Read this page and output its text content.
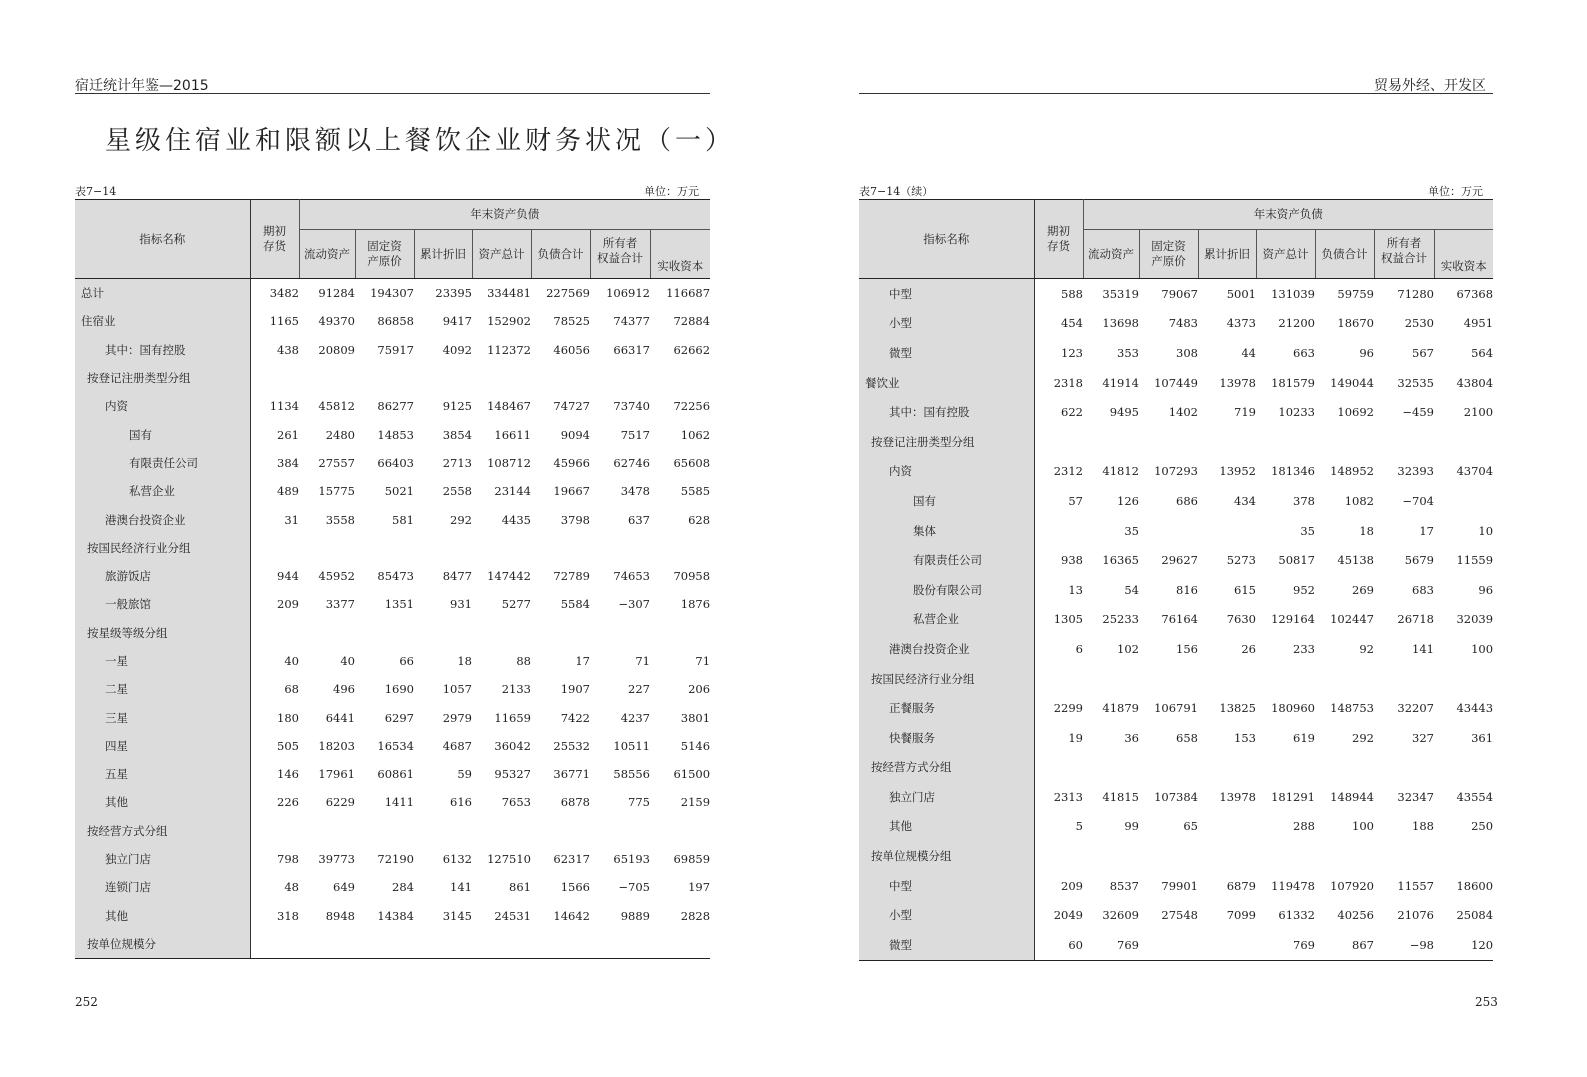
宿迁统计年鉴—2015
星级住宿业和限额以上餐饮企业财务状况（一）
表7−14	单位：万元
指标名称	期初
存货	年末资产负债						
		流动资产	固定资
产原价	累计折旧	资产总计	负债合计	所有者
权益合计	实收资本
总计	3482	91284	194307	23395	334481	227569	106912	116687
住宿业	1165	49370	86858	9417	152902	78525	74377	72884
其中：国有控股	438	20809	75917	4092	112372	46056	66317	62662
按登记注册类型分组								
内资	1134	45812	86277	9125	148467	74727	73740	72256
国有	261	2480	14853	3854	16611	9094	7517	1062
有限责任公司	384	27557	66403	2713	108712	45966	62746	65608
私营企业	489	15775	5021	2558	23144	19667	3478	5585
港澳台投资企业	31	3558	581	292	4435	3798	637	628
按国民经济行业分组								
旅游饭店	944	45952	85473	8477	147442	72789	74653	70958
一般旅馆	209	3377	1351	931	5277	5584	−307	1876
按星级等级分组								
一星	40	40	66	18	88	17	71	71
二星	68	496	1690	1057	2133	1907	227	206
三星	180	6441	6297	2979	11659	7422	4237	3801
四星	505	18203	16534	4687	36042	25532	10511	5146
五星	146	17961	60861	59	95327	36771	58556	61500
其他	226	6229	1411	616	7653	6878	775	2159
按经营方式分组								
独立门店	798	39773	72190	6132	127510	62317	65193	69859
连锁门店	48	649	284	141	861	1566	−705	197
其他	318	8948	14384	3145	24531	14642	9889	2828
按单位规模分								
252
贸易外经、开发区
表7−14（续）	单位：万元
指标名称	期初
存货	年末资产负债						
		流动资产	固定资
产原价	累计折旧	资产总计	负债合计	所有者
权益合计	实收资本
中型	588	35319	79067	5001	131039	59759	71280	67368
小型	454	13698	7483	4373	21200	18670	2530	4951
微型	123	353	308	44	663	96	567	564
餐饮业	2318	41914	107449	13978	181579	149044	32535	43804
其中：国有控股	622	9495	1402	719	10233	10692	−459	2100
按登记注册类型分组								
内资	2312	41812	107293	13952	181346	148952	32393	43704
国有	57	126	686	434	378	1082	−704	
集体		35			35	18	17	10
有限责任公司	938	16365	29627	5273	50817	45138	5679	11559
股份有限公司	13	54	816	615	952	269	683	96
私营企业	1305	25233	76164	7630	129164	102447	26718	32039
港澳台投资企业	6	102	156	26	233	92	141	100
按国民经济行业分组								
正餐服务	2299	41879	106791	13825	180960	148753	32207	43443
快餐服务	19	36	658	153	619	292	327	361
按经营方式分组								
独立门店	2313	41815	107384	13978	181291	148944	32347	43554
其他	5	99	65		288	100	188	250
按单位规模分组								
中型	209	8537	79901	6879	119478	107920	11557	18600
小型	2049	32609	27548	7099	61332	40256	21076	25084
微型	60	769			769	867	−98	120
253
